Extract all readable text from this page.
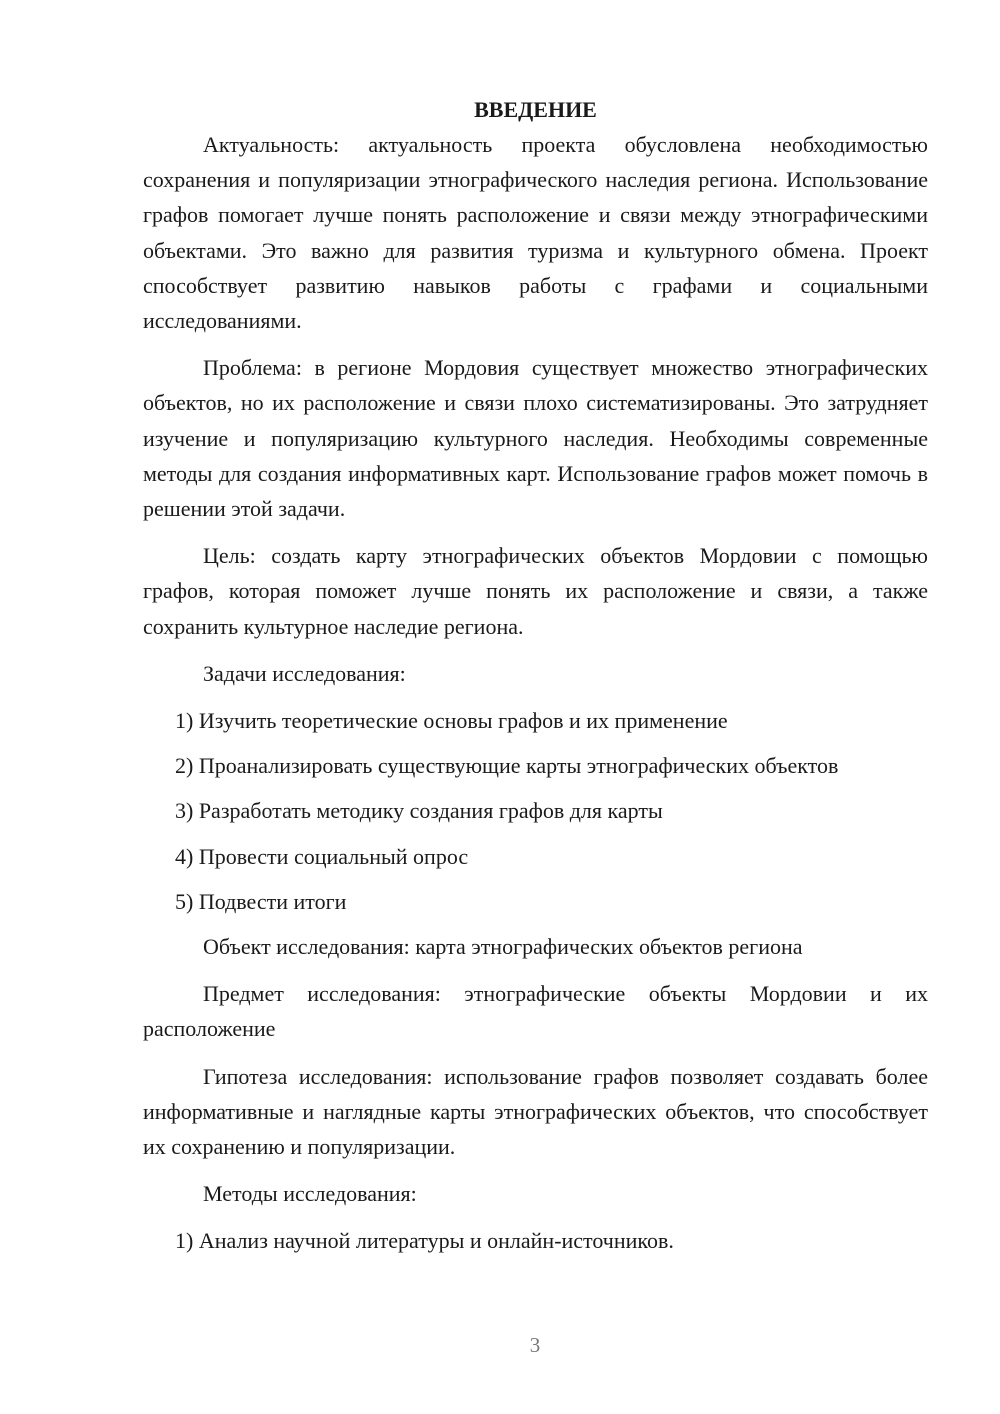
ВВЕДЕНИЕ

Актуальность: актуальность проекта обусловлена необходимостью сохранения и популяризации этнографического наследия региона. Использование графов помогает лучше понять расположение и связи между этнографическими объектами. Это важно для развития туризма и культурного обмена. Проект способствует развитию навыков работы с графами и социальными исследованиями.

Проблема: в регионе Мордовия существует множество этнографических объектов, но их расположение и связи плохо систематизированы. Это затрудняет изучение и популяризацию культурного наследия. Необходимы современные методы для создания информативных карт. Использование графов может помочь в решении этой задачи.

Цель: создать карту этнографических объектов Мордовии с помощью графов, которая поможет лучше понять их расположение и связи, а также сохранить культурное наследие региона.

Задачи исследования:

1) Изучить теоретические основы графов и их применение

2) Проанализировать существующие карты этнографических объектов

3) Разработать методику создания графов для карты

4) Провести социальный опрос

5) Подвести итоги

Объект исследования: карта этнографических объектов региона

Предмет исследования: этнографические объекты Мордовии и их расположение

Гипотеза исследования: использование графов позволяет создавать более информативные и наглядные карты этнографических объектов, что способствует их сохранению и популяризации.

Методы исследования:

1) Анализ научной литературы и онлайн-источников.

3
